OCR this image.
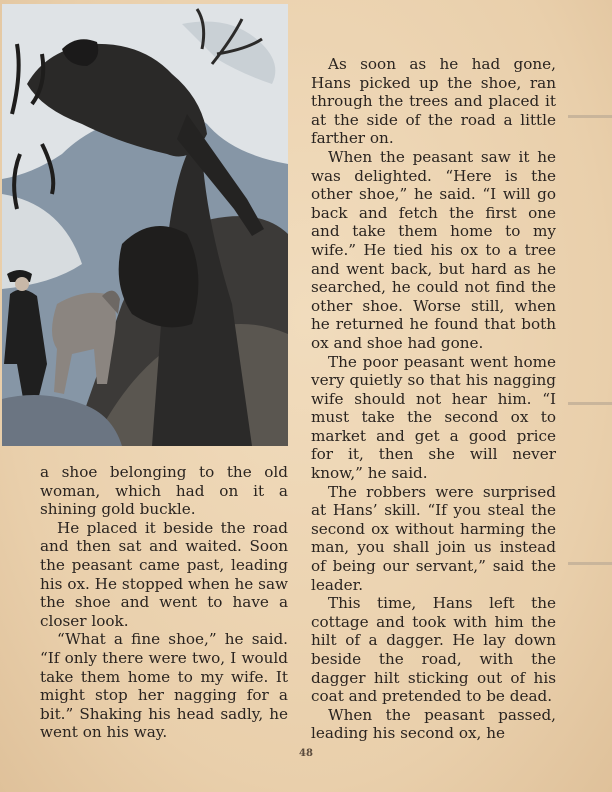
a shoe belonging to the old woman, which had on it a shining gold buckle.

He placed it beside the road and then sat and waited. Soon the peasant came past, leading his ox. He stopped when he saw the shoe and went to have a closer look.

“What a fine shoe,” he said. “If only there were two, I would take them home to my wife. It might stop her nagging for a bit.” Shaking his head sadly, he went on his way.

As soon as he had gone, Hans picked up the shoe, ran through the trees and placed it at the side of the road a little farther on.

When the peasant saw it he was delighted. “Here is the other shoe,” he said. “I will go back and fetch the first one and take them home to my wife.” He tied his ox to a tree and went back, but hard as he searched, he could not find the other shoe. Worse still, when he returned he found that both ox and shoe had gone.

The poor peasant went home very quietly so that his nagging wife should not hear him. “I must take the second ox to market and get a good price for it, then she will never know,” he said.

The robbers were surprised at Hans’ skill. “If you steal the second ox without harming the man, you shall join us instead of being our servant,” said the leader.

This time, Hans left the cottage and took with him the hilt of a dagger. He lay down beside the road, with the dagger hilt sticking out of his coat and pretended to be dead.

When the peasant passed, leading his second ox, he

48
